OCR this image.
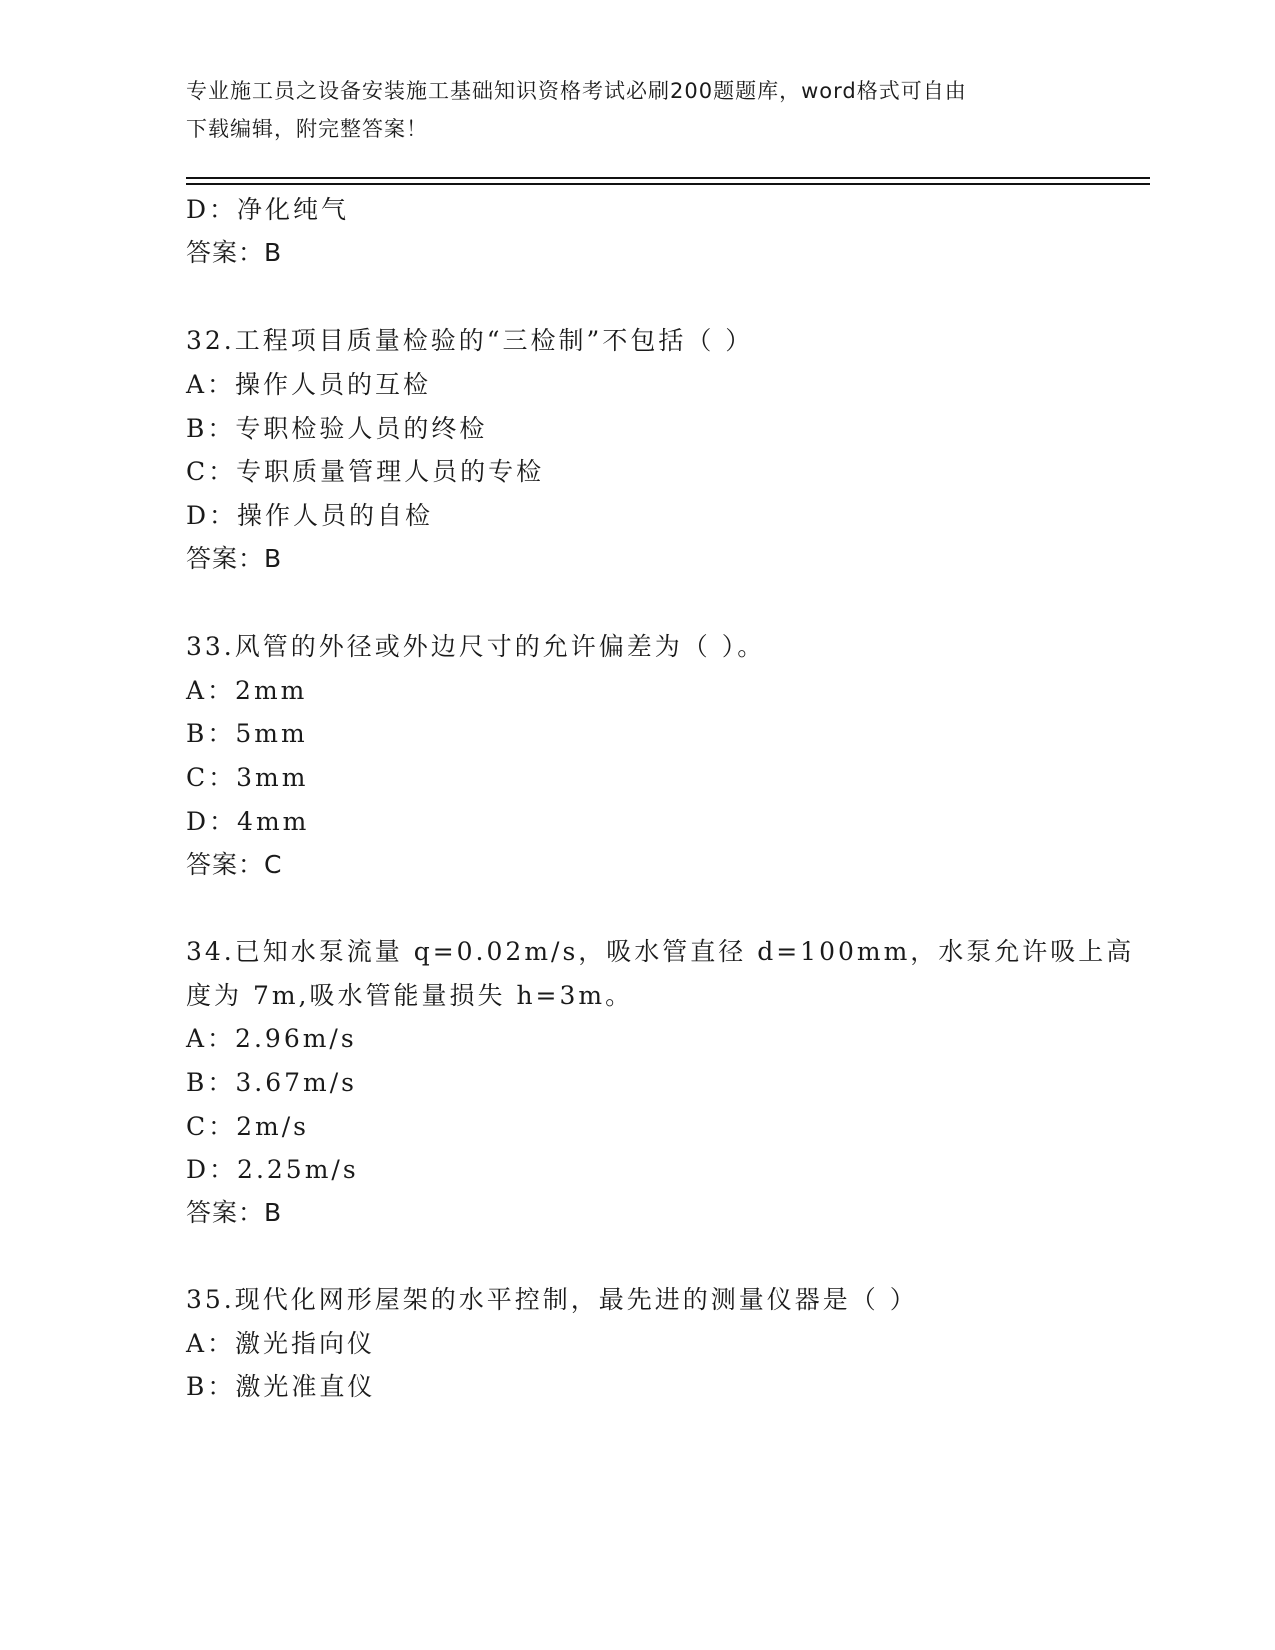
专业施工员之设备安装施工基础知识资格考试必刷200题题库，word格式可自由
下载编辑，附完整答案！
D：净化纯气
答案：B
32.工程项目质量检验的“三检制”不包括（ ）
A：操作人员的互检
B：专职检验人员的终检
C：专职质量管理人员的专检
D：操作人员的自检
答案：B
33.风管的外径或外边尺寸的允许偏差为（ ）。
A：2mm
B：5mm
C：3mm
D：4mm
答案：C
34.已知水泵流量 q=0.02m/s，吸水管直径 d=100mm，水泵允许吸上高
度为 7m,吸水管能量损失 h=3m。
A：2.96m/s
B：3.67m/s
C：2m/s
D：2.25m/s
答案：B
35.现代化网形屋架的水平控制，最先进的测量仪器是（ ）
A：激光指向仪
B：激光准直仪
